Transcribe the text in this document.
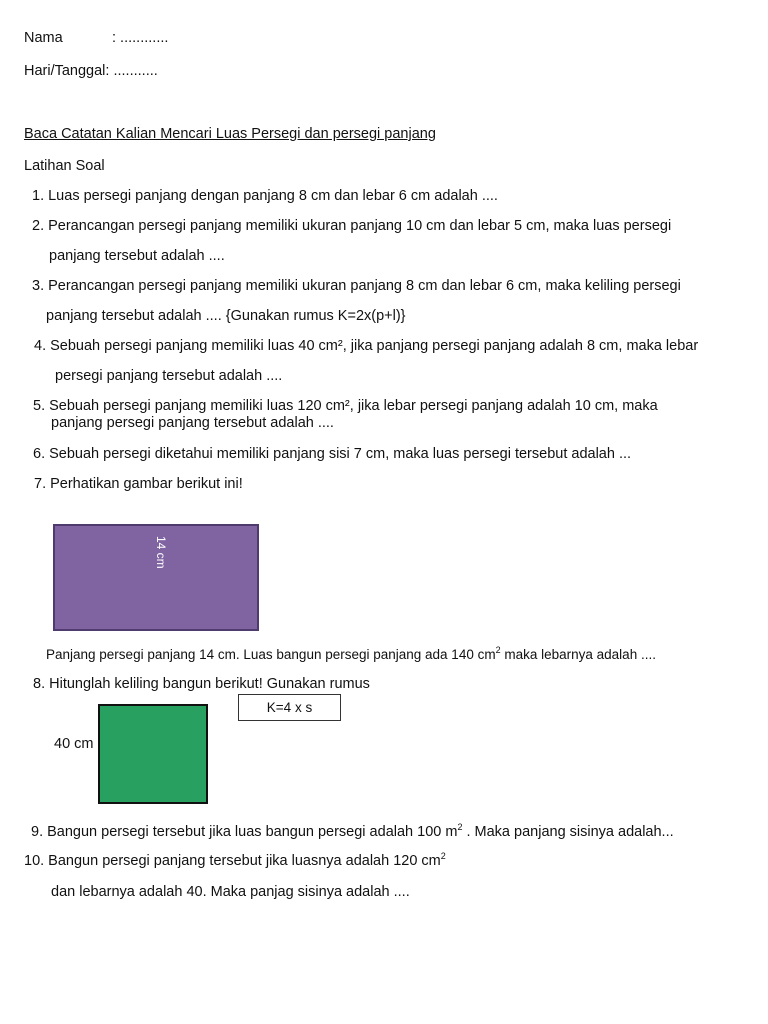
Nama	: ............
Hari/Tanggal: ...........
Baca Catatan Kalian Mencari Luas Persegi dan persegi panjang
Latihan Soal
1. Luas persegi panjang dengan panjang 8 cm dan lebar 6 cm adalah ....
2. Perancangan persegi panjang memiliki ukuran panjang 10 cm dan lebar 5 cm, maka luas persegi
panjang tersebut adalah ....
3. Perancangan persegi panjang memiliki ukuran panjang 8 cm dan lebar 6 cm, maka keliling persegi
panjang tersebut adalah .... {Gunakan rumus K=2x(p+l)}
4. Sebuah persegi panjang memiliki luas 40 cm², jika panjang persegi panjang adalah 8 cm, maka lebar
persegi panjang tersebut adalah ....
5. Sebuah persegi panjang memiliki luas 120 cm², jika lebar persegi panjang adalah 10 cm, maka
panjang persegi panjang tersebut adalah ....
6. Sebuah persegi diketahui memiliki panjang sisi 7 cm, maka luas persegi tersebut adalah ...
7. Perhatikan gambar berikut ini!
14 cm
Panjang persegi panjang 14 cm. Luas bangun persegi panjang ada 140 $cm^2$ maka lebarnya adalah ....
8. Hitunglah keliling bangun berikut! Gunakan rumus
K=4 x s
40 cm
9. Bangun persegi tersebut jika luas bangun persegi adalah 100 $m^2$ . Maka panjang sisinya adalah...
10. Bangun persegi panjang tersebut jika luasnya adalah 120 $cm^2$
dan lebarnya adalah 40. Maka panjag sisinya adalah ....
